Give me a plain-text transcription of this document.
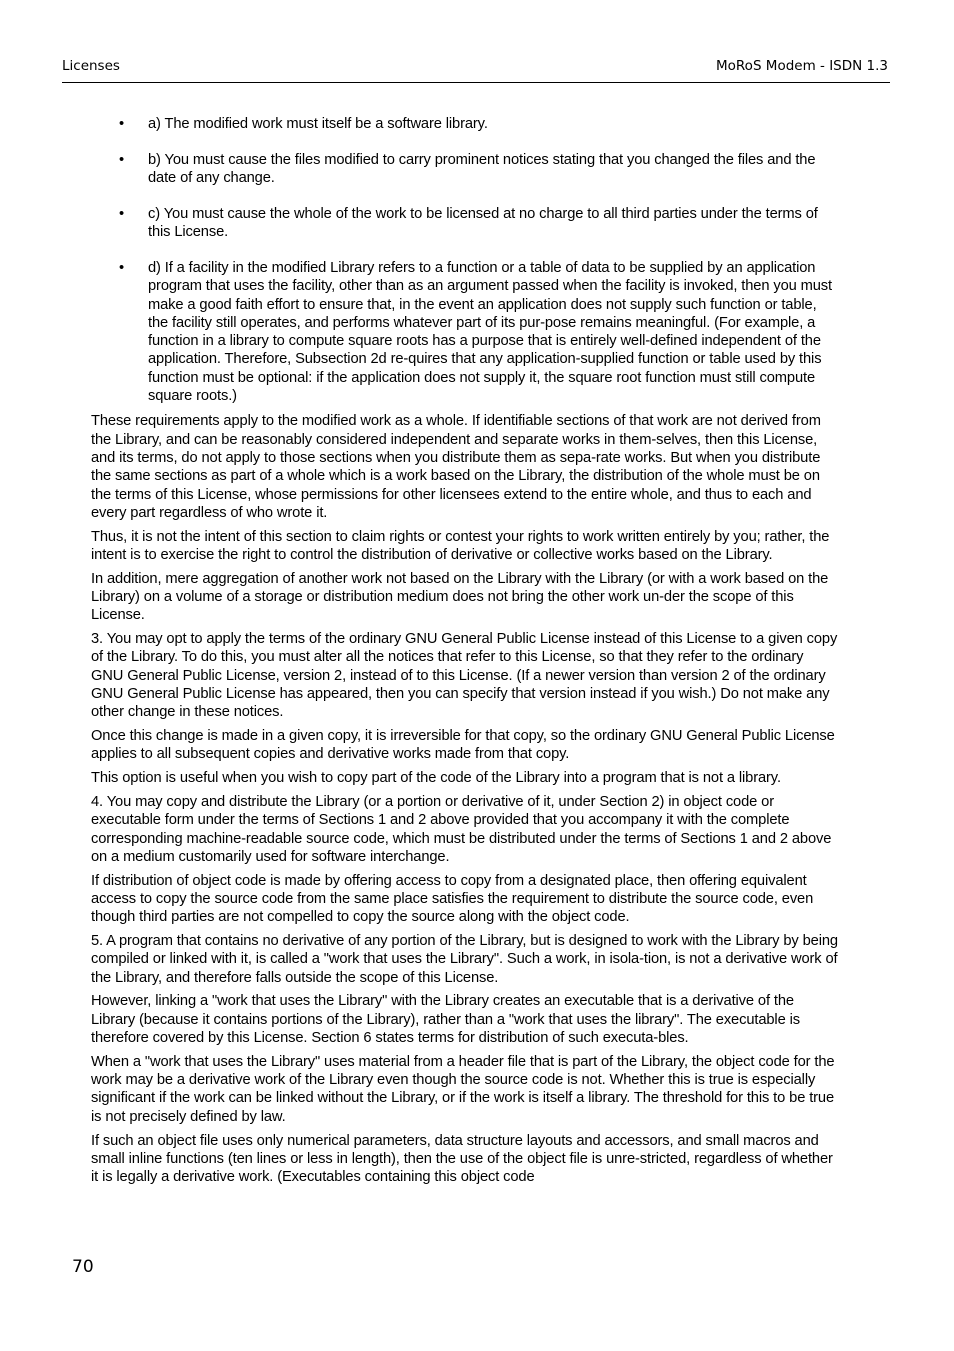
Licenses	MoRoS Modem - ISDN 1.3
• a) The modified work must itself be a software library.
• b) You must cause the files modified to carry prominent notices stating that you changed the files and the date of any change.
• c) You must cause the whole of the work to be licensed at no charge to all third parties under the terms of this License.
• d) If a facility in the modified Library refers to a function or a table of data to be supplied by an application program that uses the facility, other than as an argument passed when the facility is invoked, then you must make a good faith effort to ensure that, in the event an application does not supply such function or table, the facility still operates, and performs whatever part of its pur-pose remains meaningful. (For example, a function in a library to compute square roots has a purpose that is entirely well-defined independent of the application. Therefore, Subsection 2d re-quires that any application-supplied function or table used by this function must be optional: if the application does not supply it, the square root function must still compute square roots.)

These requirements apply to the modified work as a whole. If identifiable sections of that work are not derived from the Library, and can be reasonably considered independent and separate works in them-selves, then this License, and its terms, do not apply to those sections when you distribute them as sepa-rate works. But when you distribute the same sections as part of a whole which is a work based on the Library, the distribution of the whole must be on the terms of this License, whose permissions for other licensees extend to the entire whole, and thus to each and every part regardless of who wrote it.

Thus, it is not the intent of this section to claim rights or contest your rights to work written entirely by you; rather, the intent is to exercise the right to control the distribution of derivative or collective works based on the Library.

In addition, mere aggregation of another work not based on the Library with the Library (or with a work based on the Library) on a volume of a storage or distribution medium does not bring the other work un-der the scope of this License.

3. You may opt to apply the terms of the ordinary GNU General Public License instead of this License to a given copy of the Library. To do this, you must alter all the notices that refer to this License, so that they refer to the ordinary GNU General Public License, version 2, instead of to this License. (If a newer version than version 2 of the ordinary GNU General Public License has appeared, then you can specify that version instead if you wish.) Do not make any other change in these notices.

Once this change is made in a given copy, it is irreversible for that copy, so the ordinary GNU General Public License applies to all subsequent copies and derivative works made from that copy.

This option is useful when you wish to copy part of the code of the Library into a program that is not a library.

4. You may copy and distribute the Library (or a portion or derivative of it, under Section 2) in object code or executable form under the terms of Sections 1 and 2 above provided that you accompany it with the complete corresponding machine-readable source code, which must be distributed under the terms of Sections 1 and 2 above on a medium customarily used for software interchange.

If distribution of object code is made by offering access to copy from a designated place, then offering equivalent access to copy the source code from the same place satisfies the requirement to distribute the source code, even though third parties are not compelled to copy the source along with the object code.

5. A program that contains no derivative of any portion of the Library, but is designed to work with the Library by being compiled or linked with it, is called a "work that uses the Library". Such a work, in isola-tion, is not a derivative work of the Library, and therefore falls outside the scope of this License.

However, linking a "work that uses the Library" with the Library creates an executable that is a derivative of the Library (because it contains portions of the Library), rather than a "work that uses the library". The executable is therefore covered by this License. Section 6 states terms for distribution of such executa-bles.

When a "work that uses the Library" uses material from a header file that is part of the Library, the object code for the work may be a derivative work of the Library even though the source code is not. Whether this is true is especially significant if the work can be linked without the Library, or if the work is itself a library. The threshold for this to be true is not precisely defined by law.

If such an object file uses only numerical parameters, data structure layouts and accessors, and small macros and small inline functions (ten lines or less in length), then the use of the object file is unre-stricted, regardless of whether it is legally a derivative work. (Executables containing this object code

70
